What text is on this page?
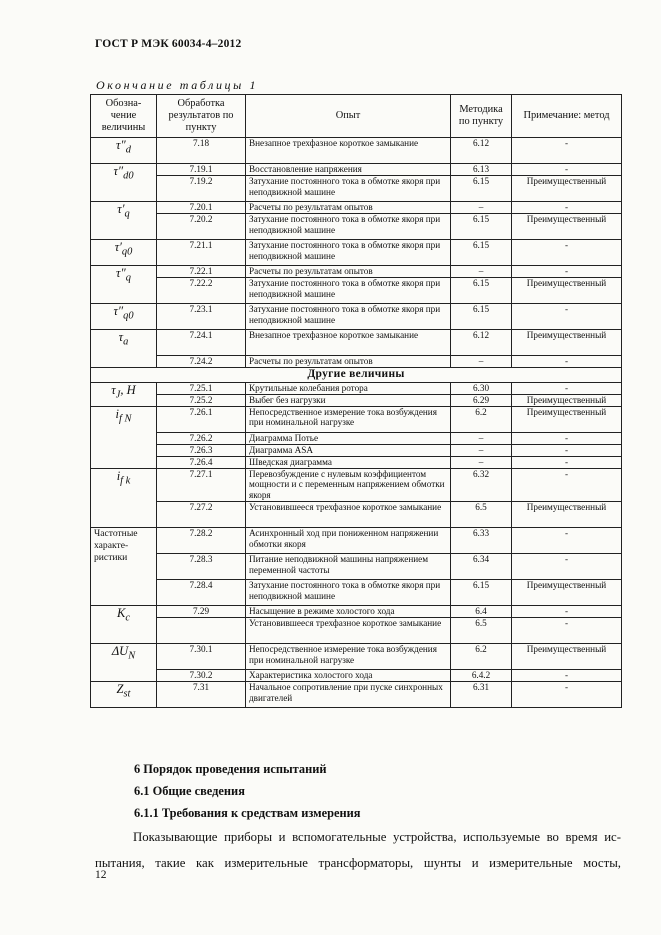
ГОСТ Р МЭК 60034-4–2012
Окончание таблицы 1
Обозна-чение величины	Обработка результатов по пункту	Опыт	Методика по пункту	Примечание: метод
$\tau''_d$	7.18	Внезапное трехфазное короткое замыкание	6.12	-
$\tau''_{d0}$	7.19.1	Восстановление напряжения	6.13	-
	7.19.2	Затухание постоянного тока в обмотке якоря при неподвижной машине	6.15	Преимущественный
$\tau'_q$	7.20.1	Расчеты по результатам опытов	–	-
	7.20.2	Затухание постоянного тока в обмотке якоря при неподвижной машине	6.15	Преимущественный
$\tau'_{q0}$	7.21.1	Затухание постоянного тока в обмотке якоря при неподвижной машине	6.15	-
$\tau''_q$	7.22.1	Расчеты по результатам опытов	–	-
	7.22.2	Затухание постоянного тока в обмотке якоря при неподвижной машине	6.15	Преимущественный
$\tau''_{q0}$	7.23.1	Затухание постоянного тока в обмотке якоря при неподвижной машине	6.15	-
$\tau_a$	7.24.1	Внезапное трехфазное короткое замыкание	6.12	Преимущественный
	7.24.2	Расчеты по результатам опытов	–	-
Другие величины				
$\tau_J$, H	7.25.1	Крутильные колебания ротора	6.30	-
	7.25.2	Выбег без нагрузки	6.29	Преимущественный
$i_{f N}$	7.26.1	Непосредственное измерение тока возбуждения при номинальной нагрузке	6.2	Преимущественный
	7.26.2	Диаграмма Потье	–	-
	7.26.3	Диаграмма ASA	–	-
	7.26.4	Шведская диаграмма	–	-
$i_{f k}$	7.27.1	Перевозбуждение с нулевым коэффициентом мощности и с переменным напряжением обмотки якоря	6.32	-
	7.27.2	Установившееся трехфазное короткое замыкание	6.5	Преимущественный
Частотные характе-ристики	7.28.2	Асинхронный ход при пониженном напряжении обмотки якоря	6.33	-
	7.28.3	Питание неподвижной машины напряжением переменной частоты	6.34	-
	7.28.4	Затухание постоянного тока в обмотке якоря при неподвижной машине	6.15	Преимущественный
$K_c$	7.29	Насыщение в режиме холостого хода	6.4	-
		Установившееся трехфазное короткое замыкание	6.5	-
$\Delta U_N$	7.30.1	Непосредственное измерение тока возбуждения при номинальной нагрузке	6.2	Преимущественный
	7.30.2	Характеристика холостого хода	6.4.2	-
$Z_{st}$	7.31	Начальное сопротивление при пуске синхронных двигателей	6.31	-
6 Порядок проведения испытаний
6.1 Общие сведения
6.1.1 Требования к средствам измерения
Показывающие приборы и вспомогательные устройства, используемые во время ис-
пытания, такие как измерительные трансформаторы, шунты и измерительные мосты,
12
